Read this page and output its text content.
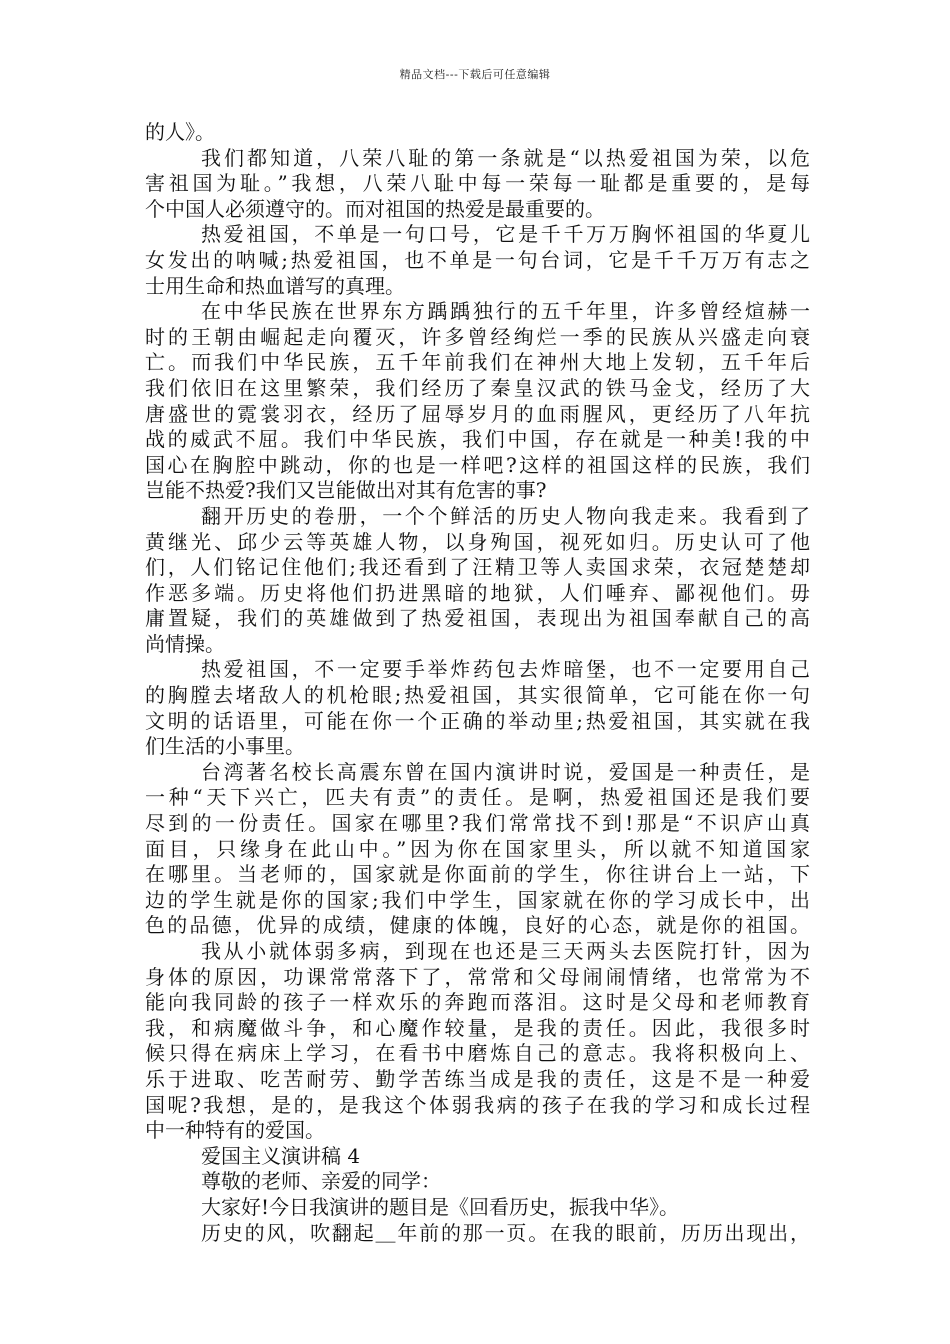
精品文档---下载后可任意编辑
的人》。
我们都知道，八荣八耻的第一条就是“以热爱祖国为荣，以危
害祖国为耻。”我想，八荣八耻中每一荣每一耻都是重要的，是每
个中国人必须遵守的。而对祖国的热爱是最重要的。
热爱祖国，不单是一句口号，它是千千万万胸怀祖国的华夏儿
女发出的呐喊;热爱祖国，也不单是一句台词，它是千千万万有志之
士用生命和热血谱写的真理。
在中华民族在世界东方踽踽独行的五千年里，许多曾经煊赫一
时的王朝由崛起走向覆灭，许多曾经绚烂一季的民族从兴盛走向衰
亡。而我们中华民族，五千年前我们在神州大地上发轫，五千年后
我们依旧在这里繁荣，我们经历了秦皇汉武的铁马金戈，经历了大
唐盛世的霓裳羽衣，经历了屈辱岁月的血雨腥风，更经历了八年抗
战的威武不屈。我们中华民族，我们中国，存在就是一种美!我的中
国心在胸腔中跳动，你的也是一样吧?这样的祖国这样的民族，我们
岂能不热爱?我们又岂能做出对其有危害的事?
翻开历史的卷册，一个个鲜活的历史人物向我走来。我看到了
黄继光、邱少云等英雄人物，以身殉国，视死如归。历史认可了他
们，人们铭记住他们;我还看到了汪精卫等人卖国求荣，衣冠楚楚却
作恶多端。历史将他们扔进黑暗的地狱，人们唾弃、鄙视他们。毋
庸置疑，我们的英雄做到了热爱祖国，表现出为祖国奉献自己的高
尚情操。
热爱祖国，不一定要手举炸药包去炸暗堡，也不一定要用自己
的胸膛去堵敌人的机枪眼;热爱祖国，其实很简单，它可能在你一句
文明的话语里，可能在你一个正确的举动里;热爱祖国，其实就在我
们生活的小事里。
台湾著名校长高震东曾在国内演讲时说，爱国是一种责任，是
一种“天下兴亡，匹夫有责”的责任。是啊，热爱祖国还是我们要
尽到的一份责任。国家在哪里?我们常常找不到!那是“不识庐山真
面目，只缘身在此山中。”因为你在国家里头，所以就不知道国家
在哪里。当老师的，国家就是你面前的学生，你往讲台上一站，下
边的学生就是你的国家;我们中学生，国家就在你的学习成长中，出
色的品德，优异的成绩，健康的体魄，良好的心态，就是你的祖国。
我从小就体弱多病，到现在也还是三天两头去医院打针，因为
身体的原因，功课常常落下了，常常和父母闹闹情绪，也常常为不
能向我同龄的孩子一样欢乐的奔跑而落泪。这时是父母和老师教育
我，和病魔做斗争，和心魔作较量，是我的责任。因此，我很多时
候只得在病床上学习，在看书中磨炼自己的意志。我将积极向上、
乐于进取、吃苦耐劳、勤学苦练当成是我的责任，这是不是一种爱
国呢?我想，是的，是我这个体弱我病的孩子在我的学习和成长过程
中一种特有的爱国。
爱国主义演讲稿 4
尊敬的老师、亲爱的同学：
大家好!今日我演讲的题目是《回看历史，振我中华》。
历史的风，吹翻起＿年前的那一页。在我的眼前，历历出现出，
